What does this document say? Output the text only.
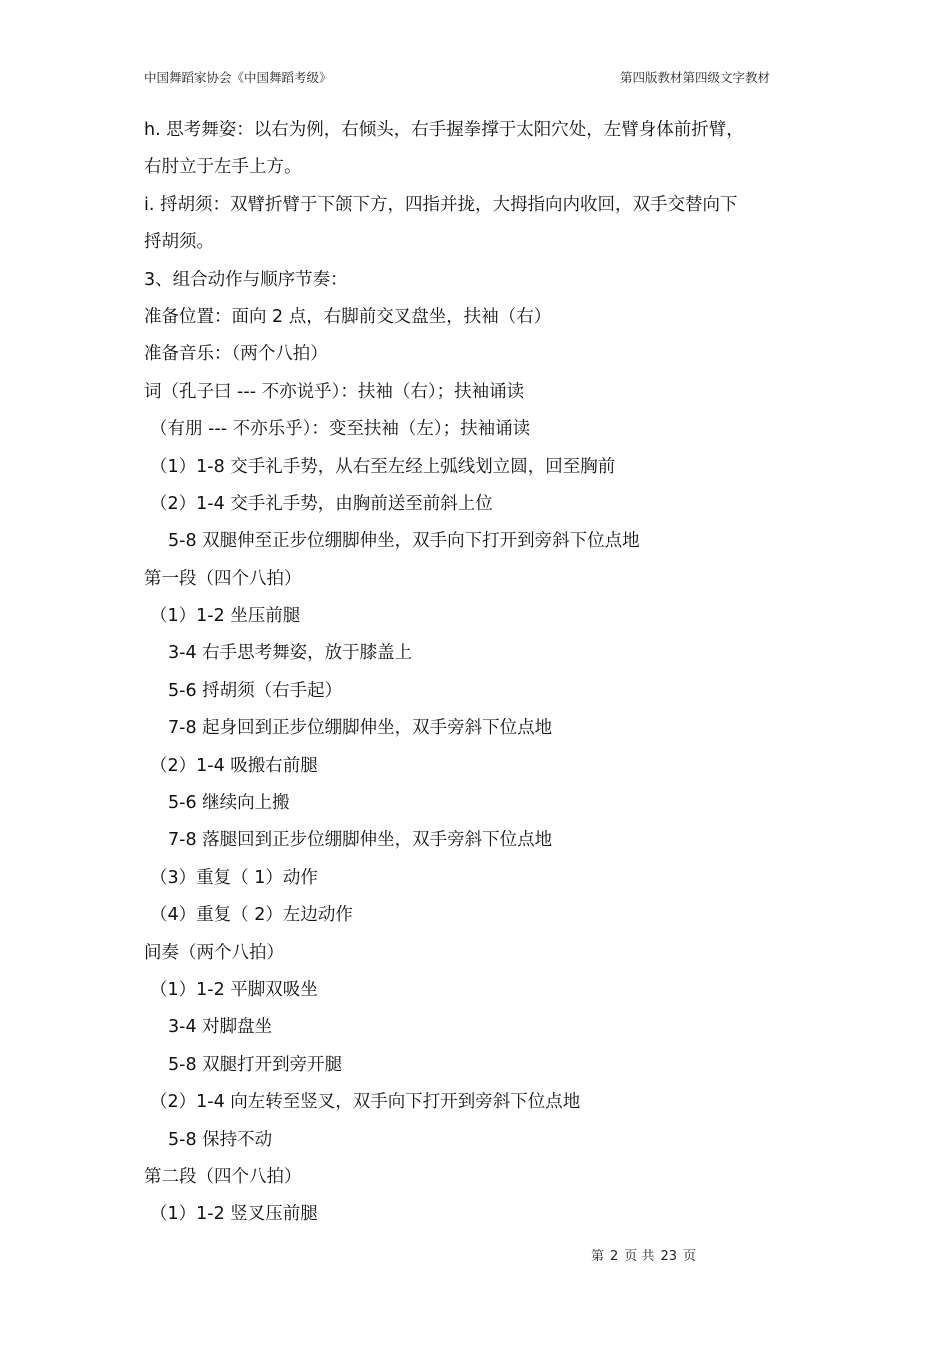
中国舞蹈家协会《中国舞蹈考级》	第四版教材第四级文字教材
h. 思考舞姿：以右为例，右倾头，右手握拳撑于太阳穴处，左臂身体前折臂，
右肘立于左手上方。
i. 捋胡须：双臂折臂于下颌下方，四指并拢，大拇指向内收回，双手交替向下
捋胡须。
3、组合动作与顺序节奏：
准备位置：面向 2 点，右脚前交叉盘坐，扶袖（右）
准备音乐：（两个八拍）
词（孔子曰 --- 不亦说乎）：扶袖（右）；扶袖诵读
（有朋 --- 不亦乐乎）：变至扶袖（左）；扶袖诵读
（1）1-8 交手礼手势，从右至左经上弧线划立圆，回至胸前
（2）1-4 交手礼手势，由胸前送至前斜上位
5-8 双腿伸至正步位绷脚伸坐，双手向下打开到旁斜下位点地
第一段（四个八拍）
（1）1-2 坐压前腿
3-4 右手思考舞姿，放于膝盖上
5-6 捋胡须（右手起）
7-8 起身回到正步位绷脚伸坐，双手旁斜下位点地
（2）1-4 吸搬右前腿
5-6 继续向上搬
7-8 落腿回到正步位绷脚伸坐，双手旁斜下位点地
（3）重复（ 1）动作
（4）重复（ 2）左边动作
间奏（两个八拍）
（1）1-2 平脚双吸坐
3-4 对脚盘坐
5-8 双腿打开到旁开腿
（2）1-4 向左转至竖叉，双手向下打开到旁斜下位点地
5-8 保持不动
第二段（四个八拍）
（1）1-2 竖叉压前腿
第 2 页 共 23 页
